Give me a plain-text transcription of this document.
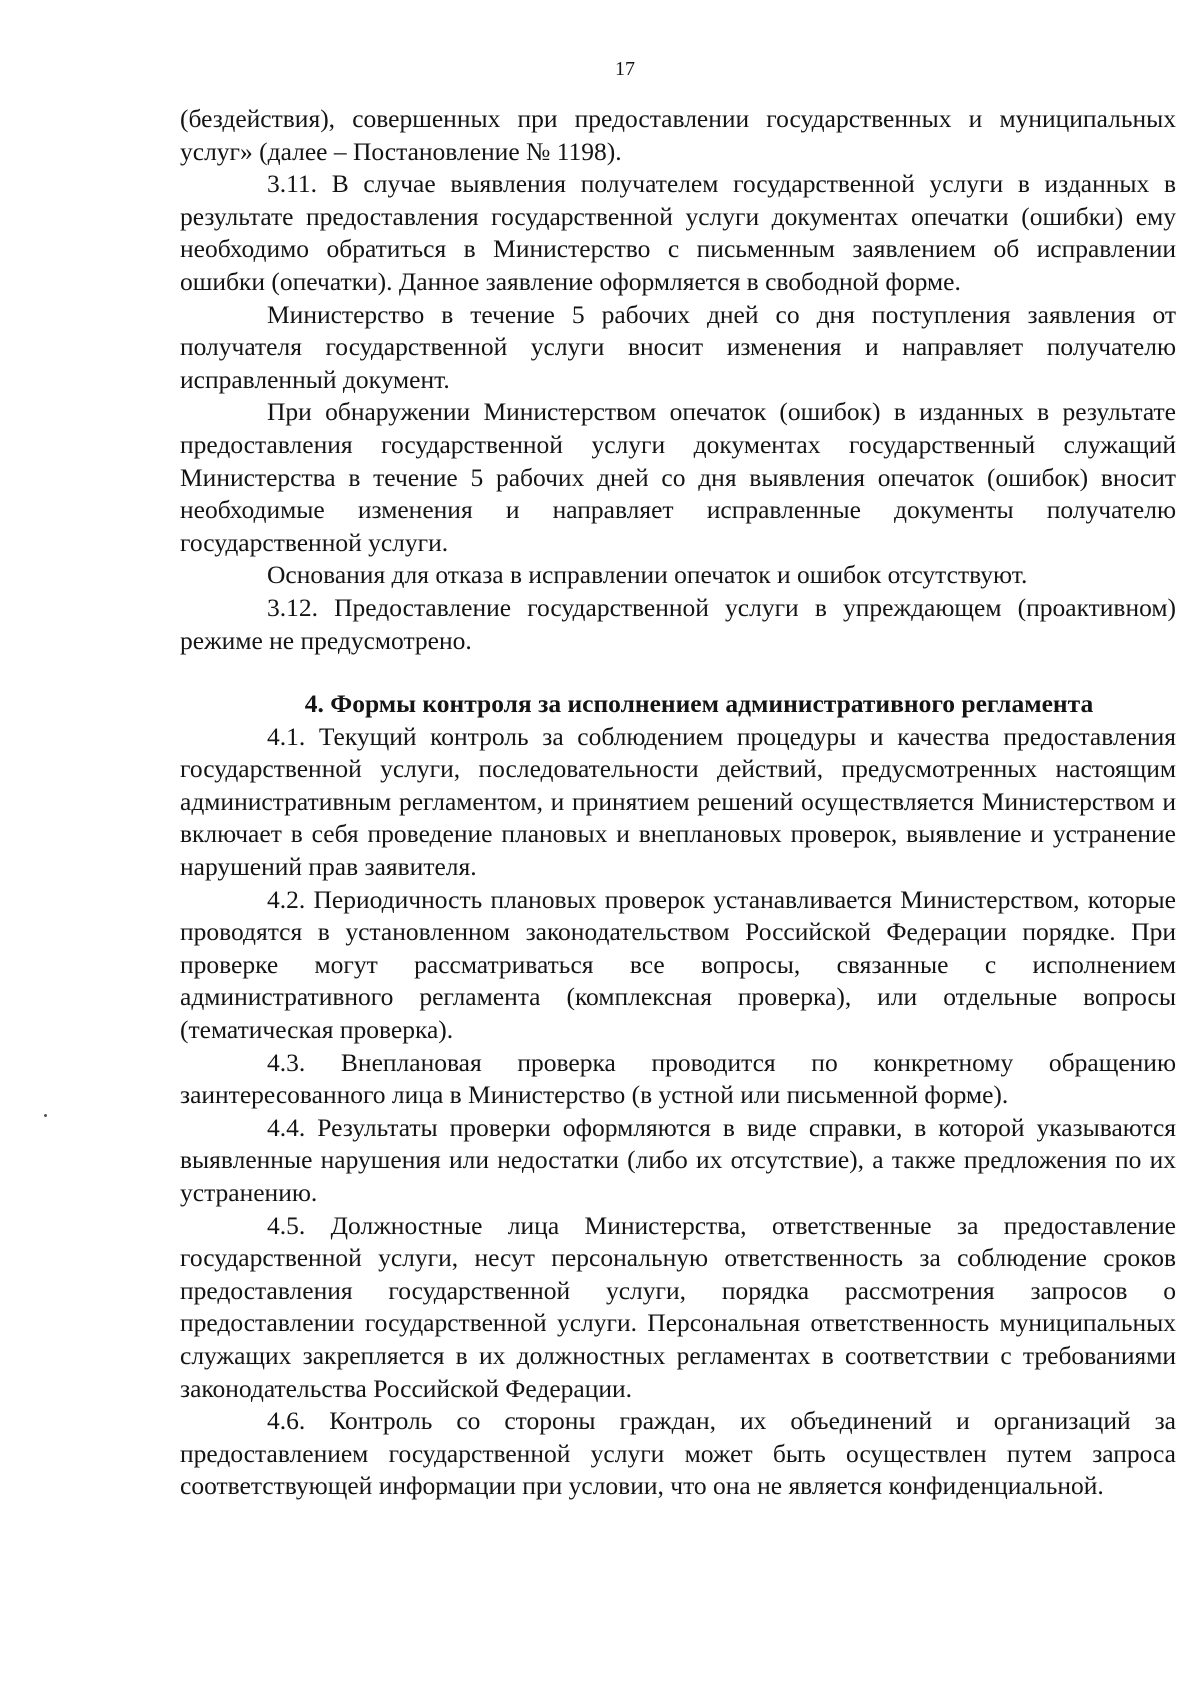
17

(бездействия), совершенных при предоставлении государственных и муниципальных услуг» (далее – Постановление № 1198).

3.11. В случае выявления получателем государственной услуги в изданных в результате предоставления государственной услуги документах опечатки (ошибки) ему необходимо обратиться в Министерство с письменным заявлением об исправлении ошибки (опечатки). Данное заявление оформляется в свободной форме.

Министерство в течение 5 рабочих дней со дня поступления заявления от получателя государственной услуги вносит изменения и направляет получателю исправленный документ.

При обнаружении Министерством опечаток (ошибок) в изданных в результате предоставления государственной услуги документах государственный служащий Министерства в течение 5 рабочих дней со дня выявления опечаток (ошибок) вносит необходимые изменения и направляет исправленные документы получателю государственной услуги.

Основания для отказа в исправлении опечаток и ошибок отсутствуют.

3.12. Предоставление государственной услуги в упреждающем (проактивном) режиме не предусмотрено.

4. Формы контроля за исполнением административного регламента

4.1. Текущий контроль за соблюдением процедуры и качества предоставления государственной услуги, последовательности действий, предусмотренных настоящим административным регламентом, и принятием решений осуществляется Министерством и включает в себя проведение плановых и внеплановых проверок, выявление и устранение нарушений прав заявителя.

4.2. Периодичность плановых проверок устанавливается Министерством, которые проводятся в установленном законодательством Российской Федерации порядке. При проверке могут рассматриваться все вопросы, связанные с исполнением административного регламента (комплексная проверка), или отдельные вопросы (тематическая проверка).

4.3. Внеплановая проверка проводится по конкретному обращению заинтересованного лица в Министерство (в устной или письменной форме).

4.4. Результаты проверки оформляются в виде справки, в которой указываются выявленные нарушения или недостатки (либо их отсутствие), а также предложения по их устранению.

4.5. Должностные лица Министерства, ответственные за предоставление государственной услуги, несут персональную ответственность за соблюдение сроков предоставления государственной услуги, порядка рассмотрения запросов о предоставлении государственной услуги. Персональная ответственность муниципальных служащих закрепляется в их должностных регламентах в соответствии с требованиями законодательства Российской Федерации.

4.6. Контроль со стороны граждан, их объединений и организаций за предоставлением государственной услуги может быть осуществлен путем запроса соответствующей информации при условии, что она не является конфиденциальной.
